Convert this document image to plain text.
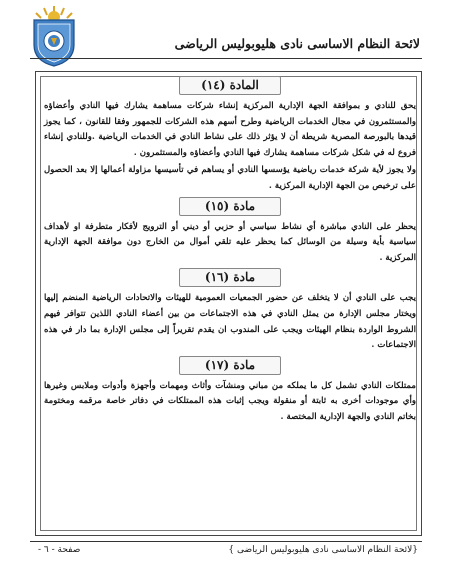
لائحة النظام الاساسى نادى هليوبوليس الرياضى
المادة (١٤)

يحق للنادي و بموافقة الجهة الإدارية المركزية إنشاء شركات مساهمة يشارك فيها النادي وأعضاؤه والمستثمرون في مجال الخدمات الرياضية وطرح أسهم هذه الشركات للجمهور وفقا للقانون ، كما يجوز قيدها بالبورصة المصرية شريطة أن لا يؤثر ذلك على نشاط النادي في الخدمات الرياضية .وللنادي إنشاء فروع له في شكل شركات مساهمة يشارك فيها النادي وأعضاؤه والمستثمرون .

ولا يجوز لأية شركة خدمات رياضية يؤسسها النادي أو يساهم في تأسيسها مزاولة أعمالها إلا بعد الحصول على ترخيص من الجهة الإدارية المركزية .

مادة (١٥)

يحظر على النادي مباشرة أي نشاط سياسي أو حزبي أو ديني أو الترويج لأفكار متطرفة او لأهداف سياسية بأية وسيلة من الوسائل كما يحظر عليه تلقي أموال من الخارج دون موافقة الجهة الإدارية المركزية .

مادة (١٦)

يجب على النادي أن لا يتخلف عن حضور الجمعيات العمومية للهيئات والاتحادات الرياضية المنضم إليها ويختار مجلس الإدارة من يمثل النادي في هذه الاجتماعات من بين أعضاء النادي اللذين تتوافر فيهم الشروط الواردة بنظام الهيئات ويجب على المندوب ان يقدم تقريراً إلى مجلس الإدارة بما دار في هذه الاجتماعات .

مادة (١٧)

ممتلكات النادي تشمل كل ما يملكه من مباني ومنشآت وأثاث ومهمات وأجهزة وأدوات وملابس وغيرها وأي موجودات أخرى به ثابتة أو منقولة ويجب إثبات هذه الممتلكات في دفاتر خاصة مرقمه ومختومة بخاتم النادي والجهة الإدارية المختصة .

{لائحة النظام الاساسى نادى هليوبوليس الرياضى }
صفحة - ٦ -
